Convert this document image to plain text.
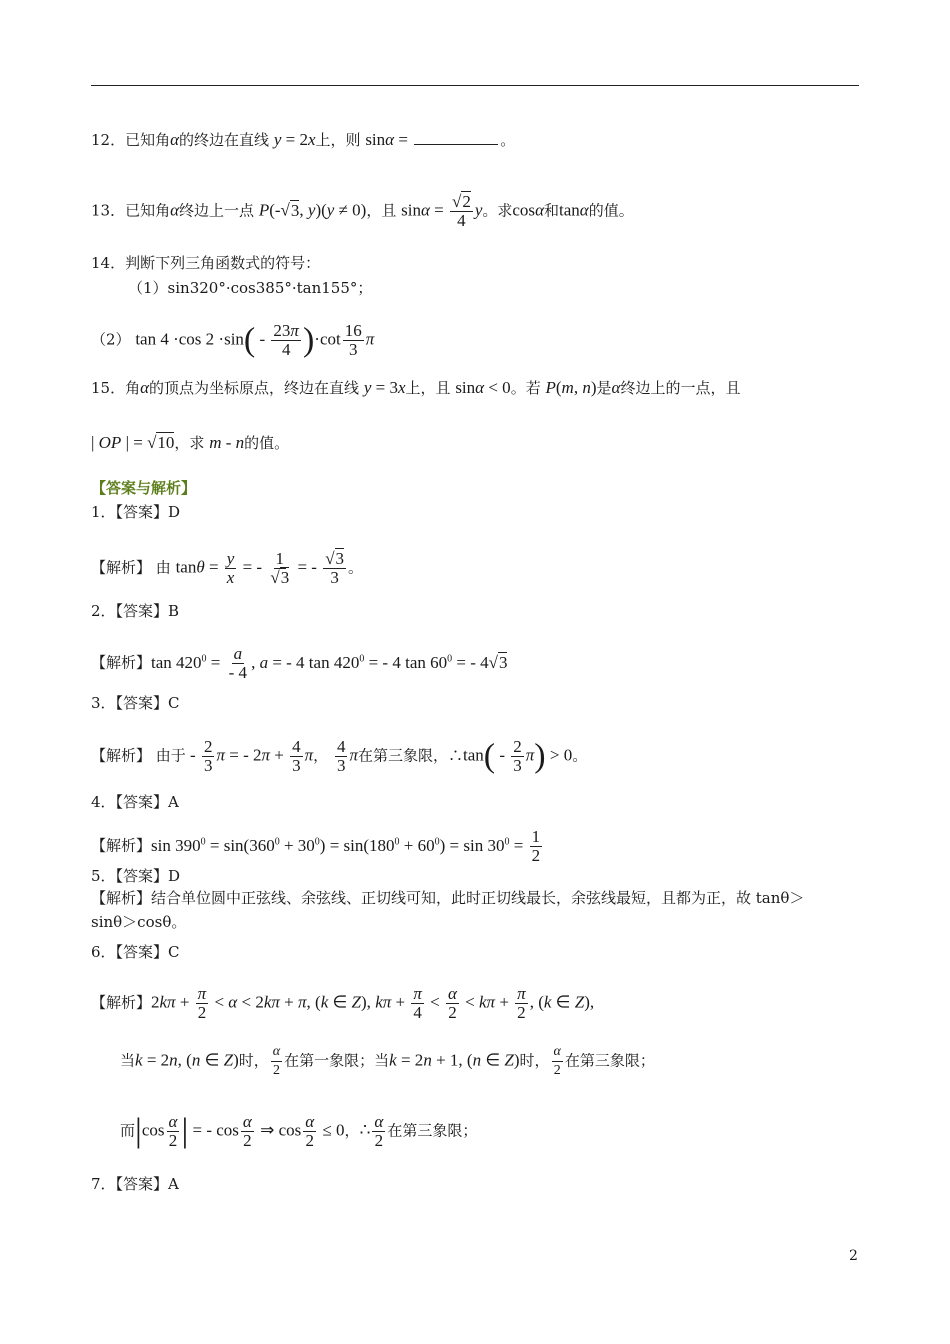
12．已知角α的终边在直线 y = 2x上，则 sinα =	。
13．已知角α终边上一点 P(-√3, y)(y ≠ 0)，且 $\sin\alpha = \frac{√2}{4}$ y。求cosα和tanα的值。
14．判断下列三角函数式的符号：
（1）sin320°·cos385°·tan155°；
（2） tan 4 ·cos $2 \cdot\sin( - \frac{23\pi}{4} )\cdot\cot \frac{16}{3}$ π
15．角α的顶点为坐标原点，终边在直线 y = 3x上，且 sinα < 0。若 P(m, n)是α终边上的一点，且
| OP | = √10，求 m - n的值。
【答案与解析】
1．【答案】D
【解析】 由 $\tan\theta = \frac{y}{x}$ = - $\frac{1}{√3}$ = - $\frac{√3}{3}$ 。
2．【答案】B
【解析】$\tan 420^0 = \frac{a}{- 4}$ , a = - 4 $\tan 420^0$ = - 4 $\tan 60^0$ = - 4√3
3．【答案】C
【解析】 由于 - $\frac{2}{3}$ π = - $2\pi + \frac{4}{3}$ π， $\frac{4}{3}$ π在第三象限，∴tan( - $\frac{2}{3} \pi) > 0$。
4．【答案】A
【解析】$\sin 390^0 = \sin(360^0 + 30^0) = \sin(180^0 + 60^0) = \sin 30^0 = \frac{1}{2}$
5．【答案】D
【解析】结合单位圆中正弦线、余弦线、正切线可知，此时正切线最长，余弦线最短，且都为正，故 tanθ＞
sinθ＞cosθ。
6．【答案】C
【解析】$2k\pi + \frac{\pi}{2} < \alpha < 2k\pi + \pi$, (k ∈ Z), $k\pi + \frac{\pi}{4} < \frac{\alpha}{2} < k\pi + \frac{\pi}{2}$ , (k ∈ Z),
当k = 2n, (n ∈ Z)时， $\frac{\alpha}{2}$ 在第一象限；当k = 2n + 1, (n ∈ Z)时， $\frac{\alpha}{2}$ 在第三象限；
而$|\cos \frac{\alpha}{2}$ | = - $\cos \frac{\alpha}{2}$ ⇒ $\cos \frac{\alpha}{2} \le 0$，∴ $\frac{\alpha}{2}$ 在第三象限；
7．【答案】A
2
